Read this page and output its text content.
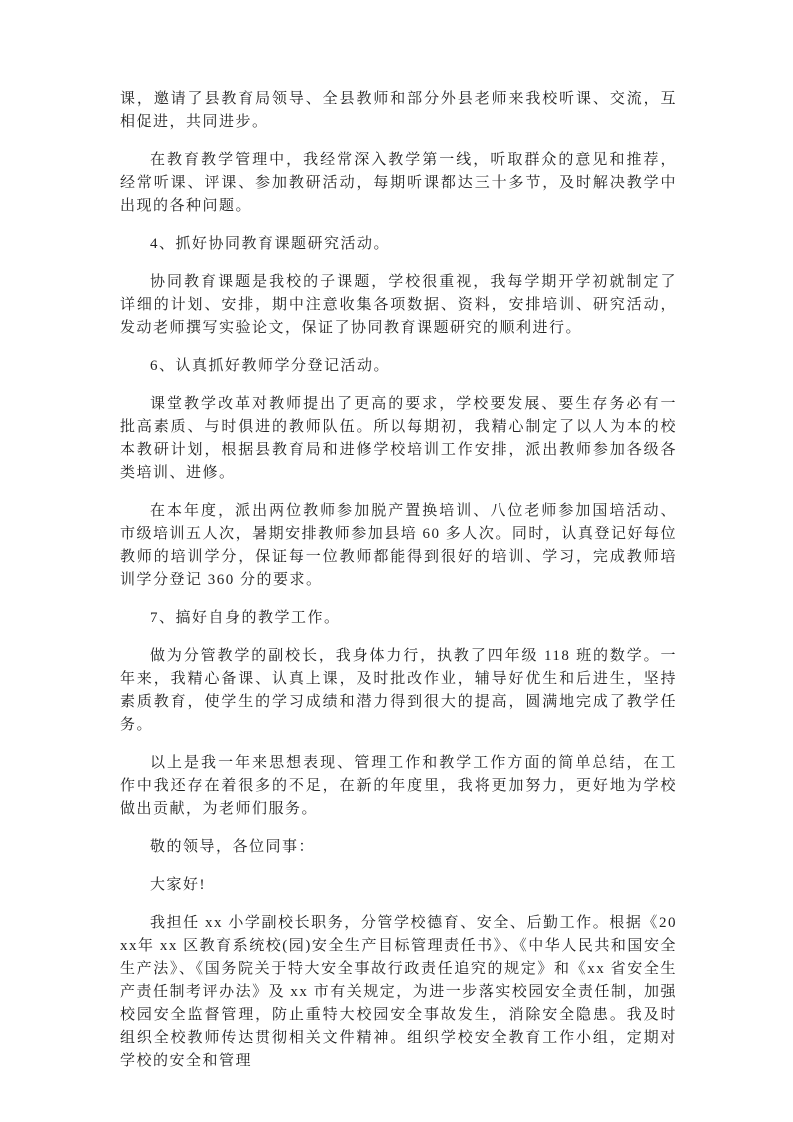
课，邀请了县教育局领导、全县教师和部分外县老师来我校听课、交流，互相促进，共同进步。

在教育教学管理中，我经常深入教学第一线，听取群众的意见和推荐，经常听课、评课、参加教研活动，每期听课都达三十多节，及时解决教学中出现的各种问题。

4、抓好协同教育课题研究活动。

协同教育课题是我校的子课题，学校很重视，我每学期开学初就制定了详细的计划、安排，期中注意收集各项数据、资料，安排培训、研究活动，发动老师撰写实验论文，保证了协同教育课题研究的顺利进行。

6、认真抓好教师学分登记活动。

课堂教学改革对教师提出了更高的要求，学校要发展、要生存务必有一批高素质、与时俱进的教师队伍。所以每期初，我精心制定了以人为本的校本教研计划，根据县教育局和进修学校培训工作安排，派出教师参加各级各类培训、进修。

在本年度，派出两位教师参加脱产置换培训、八位老师参加国培活动、市级培训五人次，暑期安排教师参加县培 60 多人次。同时，认真登记好每位教师的培训学分，保证每一位教师都能得到很好的培训、学习，完成教师培训学分登记 360 分的要求。

7、搞好自身的教学工作。

做为分管教学的副校长，我身体力行，执教了四年级 118 班的数学。一年来，我精心备课、认真上课，及时批改作业，辅导好优生和后进生，坚持素质教育，使学生的学习成绩和潜力得到很大的提高，圆满地完成了教学任务。

以上是我一年来思想表现、管理工作和教学工作方面的简单总结，在工作中我还存在着很多的不足，在新的年度里，我将更加努力，更好地为学校做出贡献，为老师们服务。

敬的领导，各位同事：

大家好!

我担任 xx 小学副校长职务，分管学校德育、安全、后勤工作。根据《20xx年 xx 区教育系统校(园)安全生产目标管理责任书》、《中华人民共和国安全生产法》、《国务院关于特大安全事故行政责任追究的规定》和《xx 省安全生产责任制考评办法》及 xx 市有关规定，为进一步落实校园安全责任制，加强校园安全监督管理，防止重特大校园安全事故发生，消除安全隐患。我及时组织全校教师传达贯彻相关文件精神。组织学校安全教育工作小组，定期对学校的安全和管理
